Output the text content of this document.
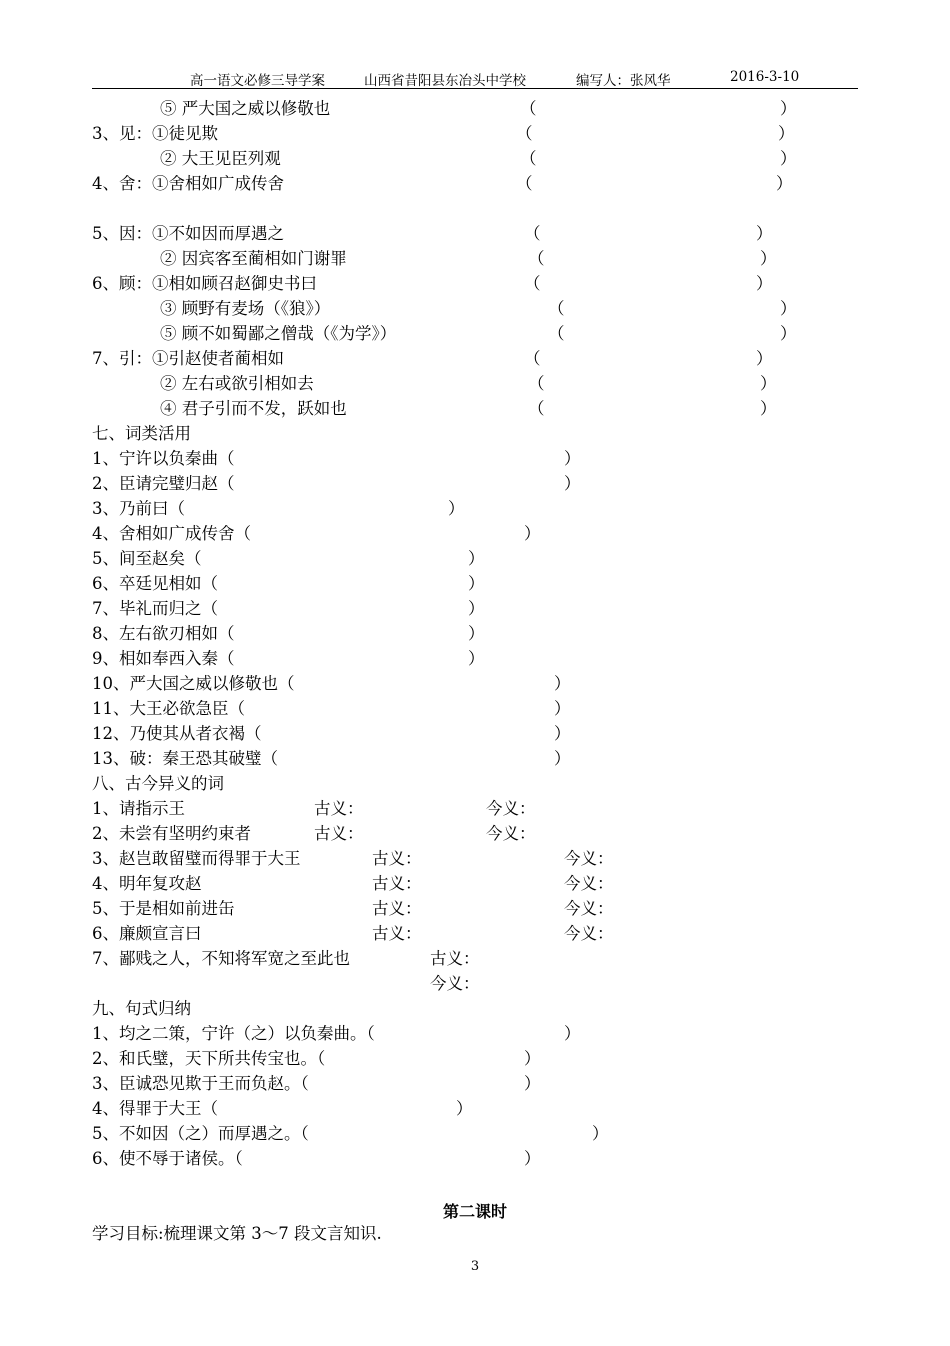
高一语文必修三导学案	山西省昔阳县东冶头中学校	编写人：张风华	2016-3-10
⑤ 严大国之威以修敬也	（	）
3、见：①徒见欺	（	）
② 大王见臣列观	（	）
4、舍：①舍相如广成传舍	（	）
5、因：①不如因而厚遇之	（	）
② 因宾客至蔺相如门谢罪	（	）
6、顾：①相如顾召赵御史书曰	（	）
③ 顾野有麦场（《狼》）	（	）
⑤ 顾不如蜀鄙之僧哉（《为学》）	（	）
7、引：①引赵使者蔺相如	（	）
② 左右或欲引相如去	（	）
④ 君子引而不发，跃如也	（	）
七、词类活用
1、宁许以负秦曲（	）
2、臣请完璧归赵（	）
3、乃前曰（	）
4、舍相如广成传舍（	）
5、间至赵矣（	）
6、卒廷见相如（	）
7、毕礼而归之（	）
8、左右欲刃相如（	）
9、相如奉西入秦（	）
10、严大国之威以修敬也（	）
11、大王必欲急臣（	）
12、乃使其从者衣褐（	）
13、破：秦王恐其破璧（	）
八、古今异义的词
1、请指示王	古义：	今义：
2、未尝有坚明约束者	古义：	今义：
3、赵岂敢留璧而得罪于大王	古义：	今义：
4、明年复攻赵	古义：	今义：
5、于是相如前进缶	古义：	今义：
6、廉颇宣言曰	古义：	今义：
7、鄙贱之人，不知将军宽之至此也	古义：
今义：
九、句式归纳
1、均之二策，宁许（之）以负秦曲。（	）
2、和氏璧，天下所共传宝也。（	）
3、臣诚恐见欺于王而负赵。（	）
4、得罪于大王（	）
5、不如因（之）而厚遇之。（	）
6、使不辱于诸侯。（	）
学习目标:梳理课文第 3～7 段文言知识.
第二课时
3
